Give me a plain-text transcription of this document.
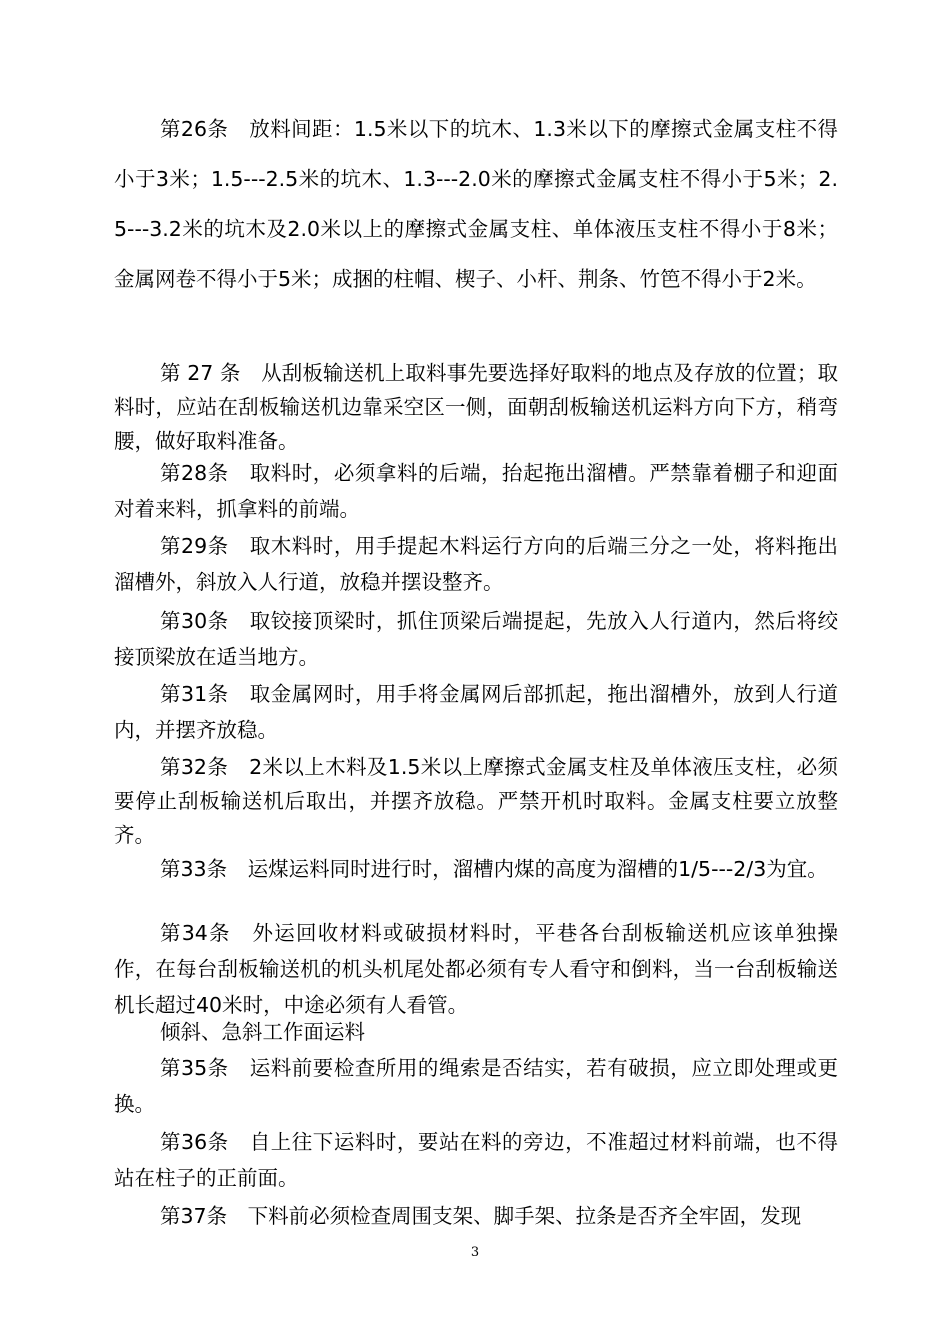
第26条　放料间距：1.5米以下的坑木、1.3米以下的摩擦式金属支柱不得小于3米；1.5---2.5米的坑木、1.3---2.0米的摩擦式金属支柱不得小于5米；2.5---3.2米的坑木及2.0米以上的摩擦式金属支柱、单体液压支柱不得小于8米；金属网卷不得小于5米；成捆的柱帽、楔子、小杆、荆条、竹笆不得小于2米。

第 27 条　从刮板输送机上取料事先要选择好取料的地点及存放的位置；取料时，应站在刮板输送机边靠采空区一侧，面朝刮板输送机运料方向下方，稍弯腰，做好取料准备。

第28条　取料时，必须拿料的后端，抬起拖出溜槽。严禁靠着棚子和迎面对着来料，抓拿料的前端。

第29条　取木料时，用手提起木料运行方向的后端三分之一处，将料拖出溜槽外，斜放入人行道，放稳并摆设整齐。

第30条　取铰接顶梁时，抓住顶梁后端提起，先放入人行道内，然后将绞接顶梁放在适当地方。

第31条　取金属网时，用手将金属网后部抓起，拖出溜槽外，放到人行道内，并摆齐放稳。

第32条　2米以上木料及1.5米以上摩擦式金属支柱及单体液压支柱，必须要停止刮板输送机后取出，并摆齐放稳。严禁开机时取料。金属支柱要立放整齐。

第33条　运煤运料同时进行时，溜槽内煤的高度为溜槽的1/5---2/3为宜。

第34条　外运回收材料或破损材料时，平巷各台刮板输送机应该单独操作，在每台刮板输送机的机头机尾处都必须有专人看守和倒料，当一台刮板输送机长超过40米时，中途必须有人看管。

倾斜、急斜工作面运料

第35条　运料前要检查所用的绳索是否结实，若有破损，应立即处理或更换。

第36条　自上往下运料时，要站在料的旁边，不准超过材料前端，也不得站在柱子的正前面。

第37条　下料前必须检查周围支架、脚手架、拉条是否齐全牢固，发现

3
